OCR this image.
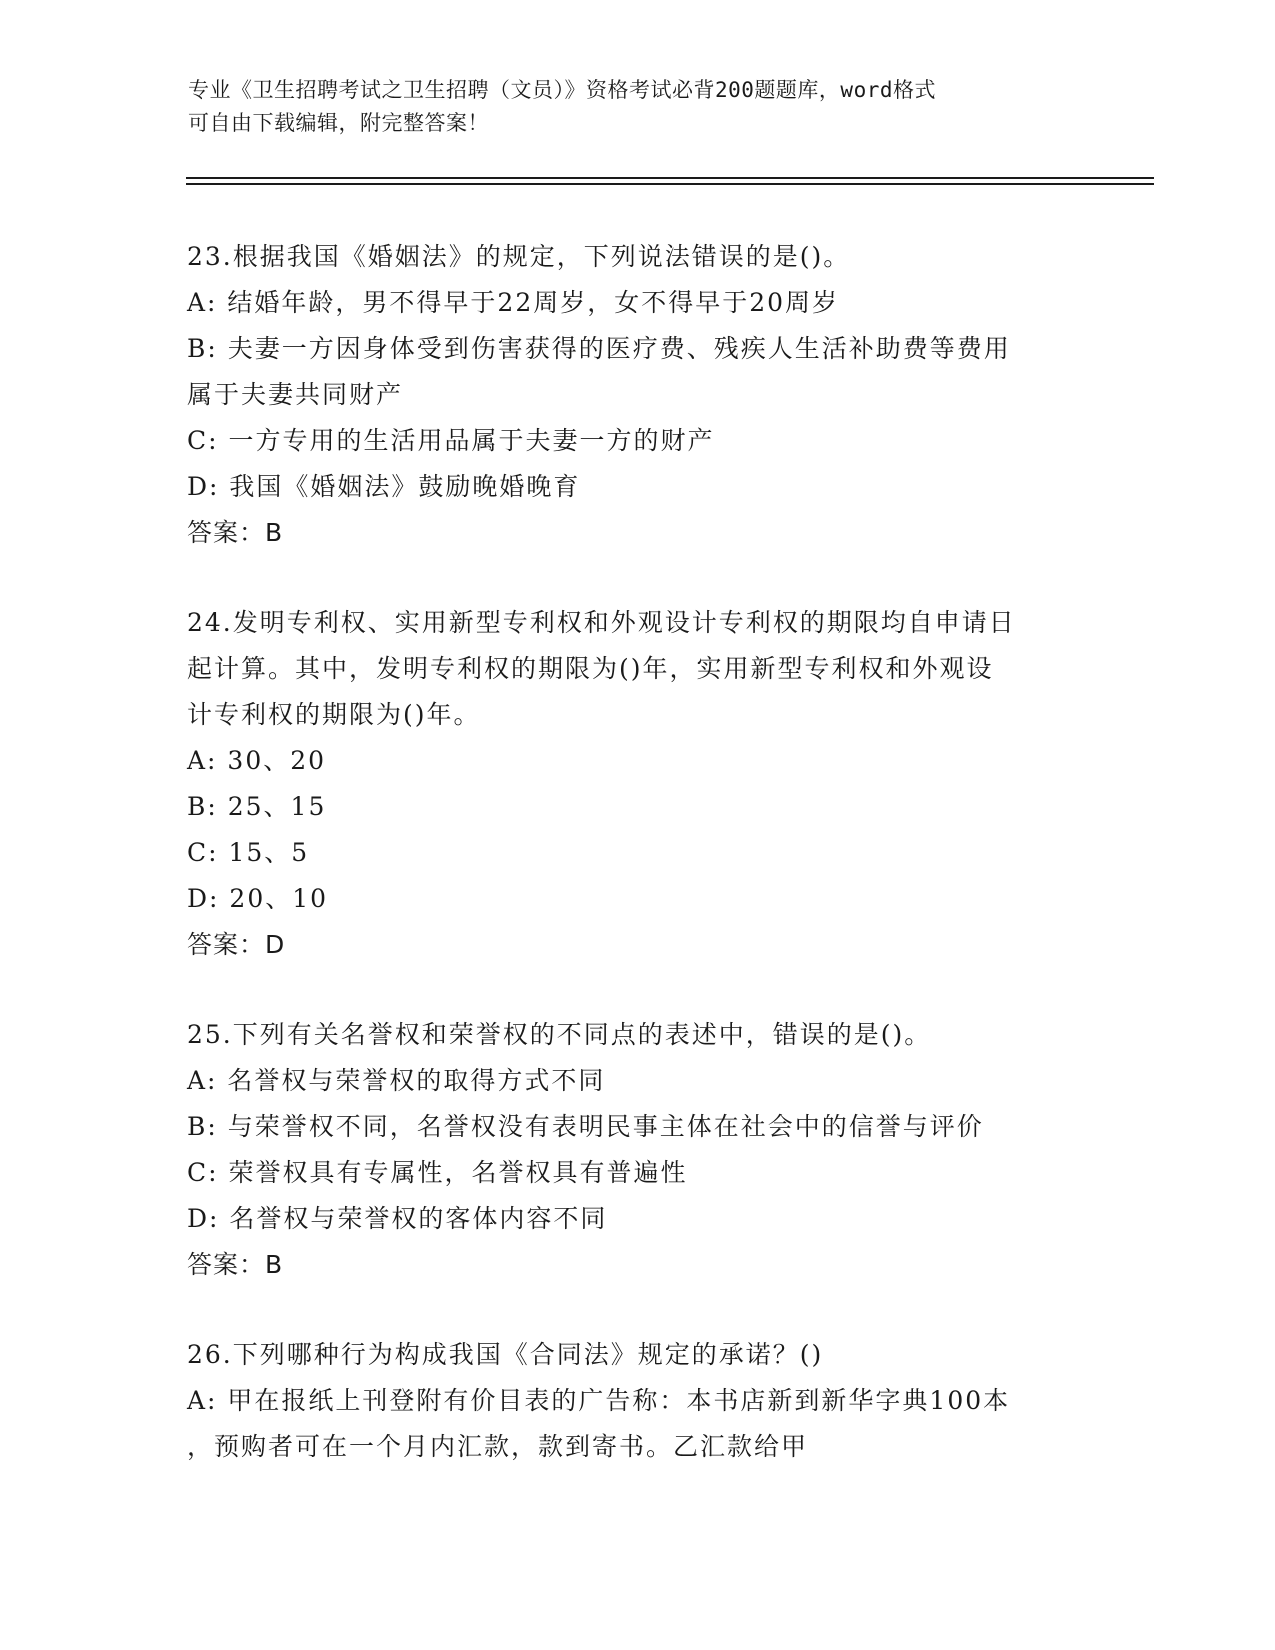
专业《卫生招聘考试之卫生招聘（文员）》资格考试必背200题题库，word格式
可自由下载编辑，附完整答案！
23.根据我国《婚姻法》的规定，下列说法错误的是()。
A: 结婚年龄，男不得早于22周岁，女不得早于20周岁
B: 夫妻一方因身体受到伤害获得的医疗费、残疾人生活补助费等费用
属于夫妻共同财产
C: 一方专用的生活用品属于夫妻一方的财产
D: 我国《婚姻法》鼓励晚婚晚育
答案：B
24.发明专利权、实用新型专利权和外观设计专利权的期限均自申请日
起计算。其中，发明专利权的期限为()年，实用新型专利权和外观设
计专利权的期限为()年。
A: 30、20
B: 25、15
C: 15、5
D: 20、10
答案：D
25.下列有关名誉权和荣誉权的不同点的表述中，错误的是()。
A: 名誉权与荣誉权的取得方式不同
B: 与荣誉权不同，名誉权没有表明民事主体在社会中的信誉与评价
C: 荣誉权具有专属性，名誉权具有普遍性
D: 名誉权与荣誉权的客体内容不同
答案：B
26.下列哪种行为构成我国《合同法》规定的承诺？()
A: 甲在报纸上刊登附有价目表的广告称：本书店新到新华字典100本
，预购者可在一个月内汇款，款到寄书。乙汇款给甲
